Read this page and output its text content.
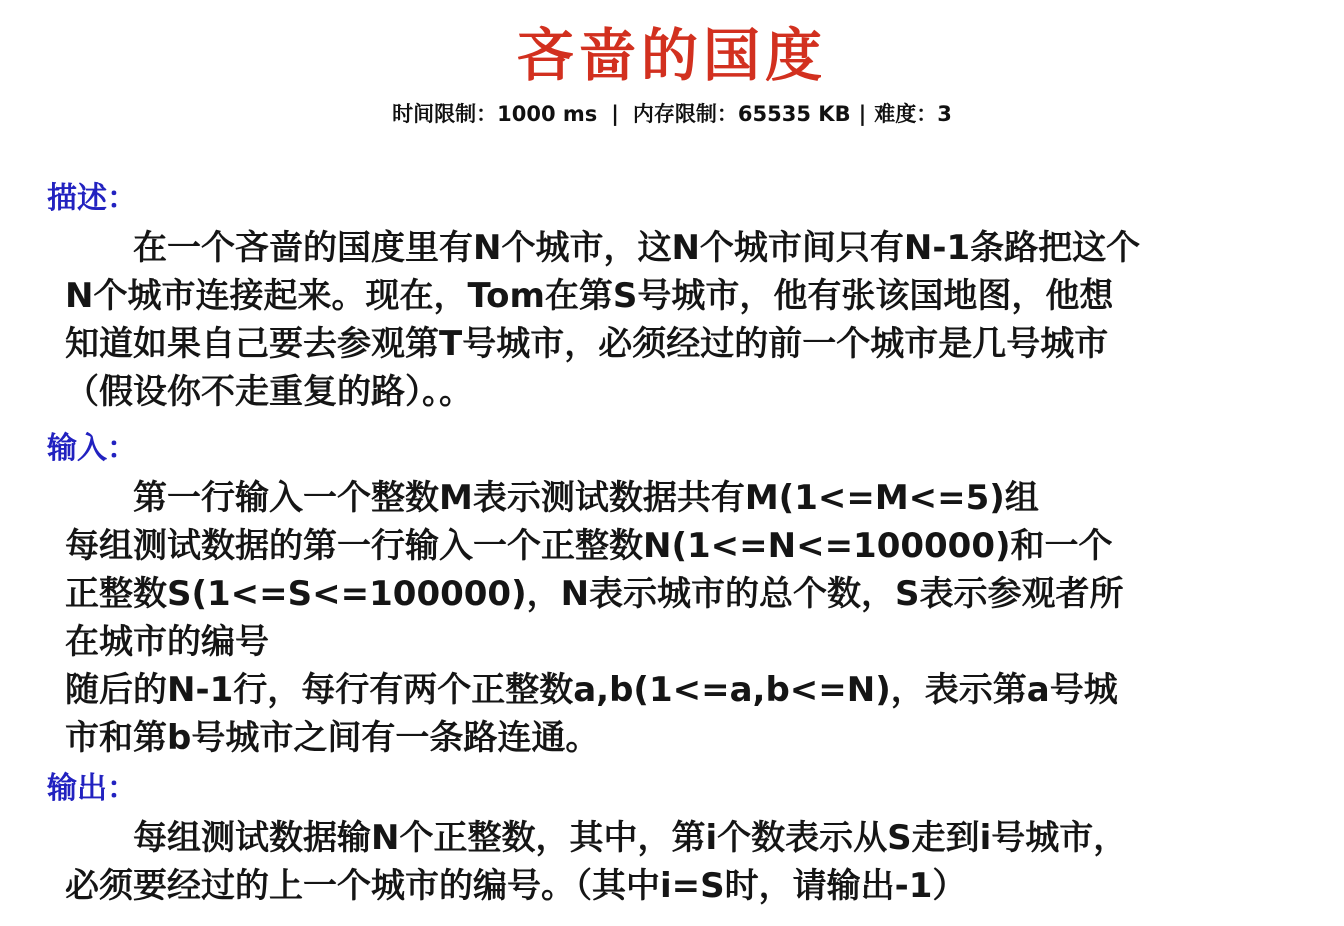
吝啬的国度
时间限制：1000 ms | 内存限制：65535 KB | 难度：3
描述：
　　在一个吝啬的国度里有N个城市，这N个城市间只有N-1条路把这个
N个城市连接起来。现在，Tom在第S号城市，他有张该国地图，他想
知道如果自己要去参观第T号城市，必须经过的前一个城市是几号城市
（假设你不走重复的路）。。
输入：
　　第一行输入一个整数M表示测试数据共有M(1<=M<=5)组
每组测试数据的第一行输入一个正整数N(1<=N<=100000)和一个
正整数S(1<=S<=100000)，N表示城市的总个数，S表示参观者所
在城市的编号
随后的N-1行，每行有两个正整数a,b(1<=a,b<=N)，表示第a号城
市和第b号城市之间有一条路连通。
输出：
　　每组测试数据输N个正整数，其中，第i个数表示从S走到i号城市，
必须要经过的上一个城市的编号。（其中i=S时，请输出-1）
